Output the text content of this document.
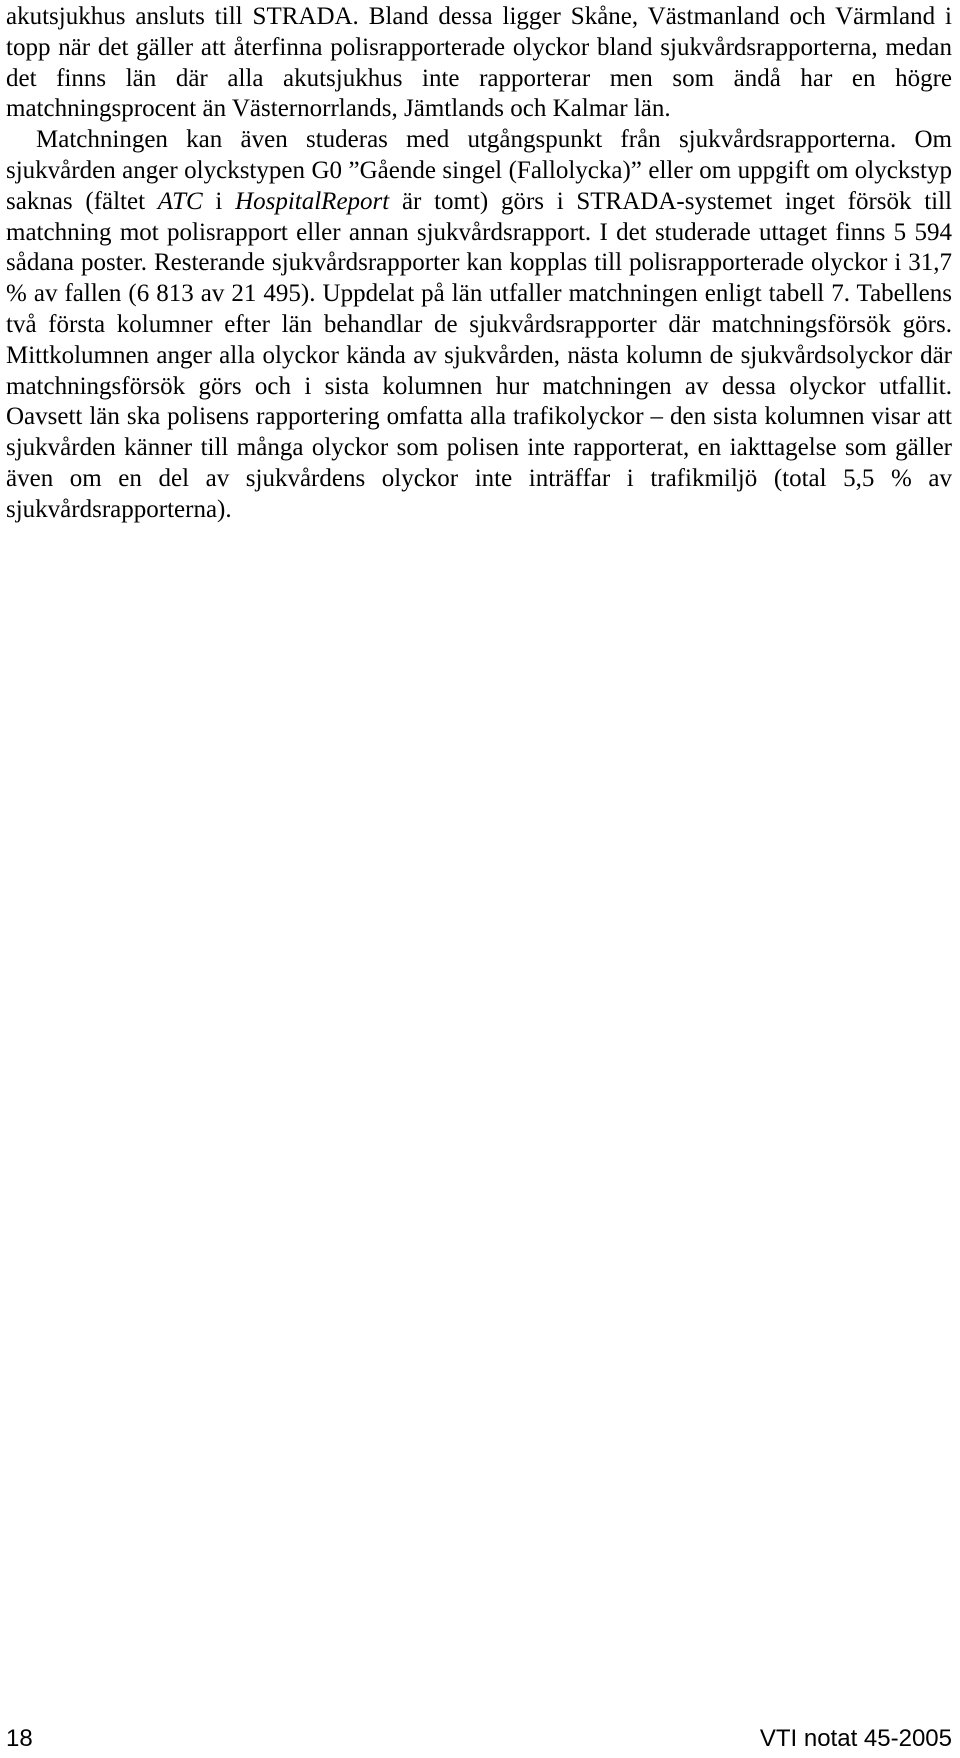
akutsjukhus ansluts till STRADA. Bland dessa ligger Skåne, Västmanland och Värmland i topp när det gäller att återfinna polisrapporterade olyckor bland sjukvårdsrapporterna, medan det finns län där alla akutsjukhus inte rapporterar men som ändå har en högre matchningsprocent än Västernorrlands, Jämtlands och Kalmar län.

Matchningen kan även studeras med utgångspunkt från sjukvårdsrapporterna. Om sjukvården anger olyckstypen G0 ”Gående singel (Fallolycka)” eller om uppgift om olyckstyp saknas (fältet ATC i HospitalReport är tomt) görs i STRADA-systemet inget försök till matchning mot polisrapport eller annan sjukvårdsrapport. I det studerade uttaget finns 5 594 sådana poster. Resterande sjukvårdsrapporter kan kopplas till polisrapporterade olyckor i 31,7 % av fallen (6 813 av 21 495). Uppdelat på län utfaller matchningen enligt tabell 7. Tabellens två första kolumner efter län behandlar de sjukvårdsrapporter där matchningsförsök görs. Mittkolumnen anger alla olyckor kända av sjukvården, nästa kolumn de sjukvårdsolyckor där matchningsförsök görs och i sista kolumnen hur matchningen av dessa olyckor utfallit. Oavsett län ska polisens rapportering omfatta alla trafikolyckor – den sista kolumnen visar att sjukvården känner till många olyckor som polisen inte rapporterat, en iakttagelse som gäller även om en del av sjukvårdens olyckor inte inträffar i trafikmiljö (total 5,5 % av sjukvårdsrapporterna).

18	VTI notat 45-2005
